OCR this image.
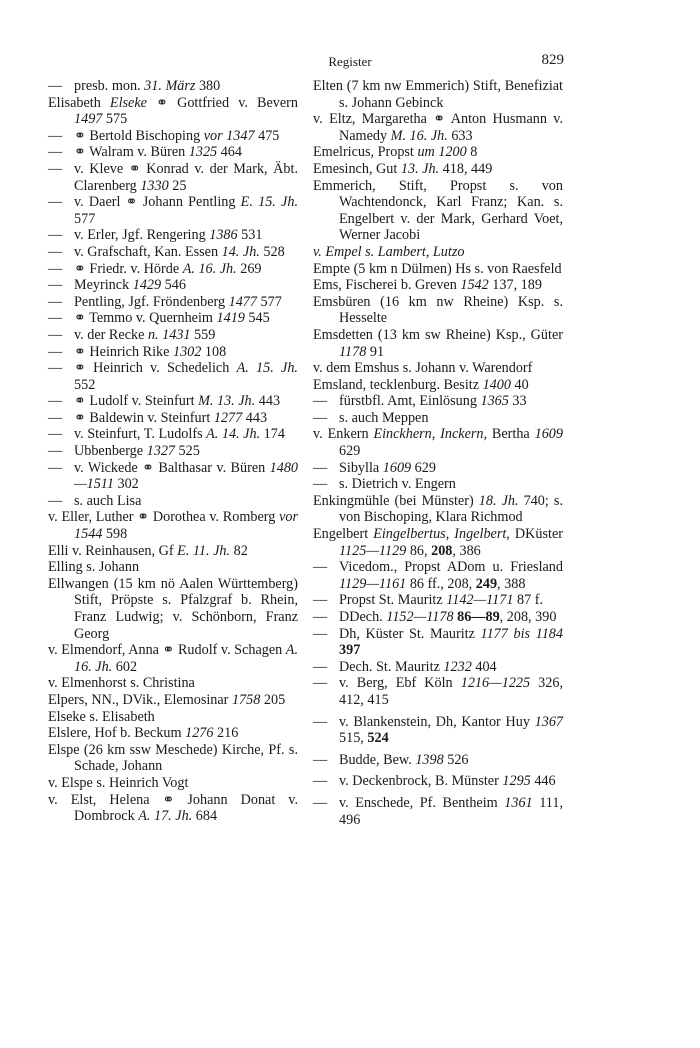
Register	829

— presb. mon. 31. März 380

Elisabeth Elseke ⚭ Gottfried v. Bevern 1497 575

— ⚭ Bertold Bischoping vor 1347 475

— ⚭ Walram v. Büren 1325 464

— v. Kleve ⚭ Konrad v. der Mark, Äbt. Clarenberg 1330 25

— v. Daerl ⚭ Johann Pentling E. 15. Jh. 577

— v. Erler, Jgf. Rengering 1386 531

— v. Grafschaft, Kan. Essen 14. Jh. 528

— ⚭ Friedr. v. Hörde A. 16. Jh. 269

— Meyrinck 1429 546

— Pentling, Jgf. Fröndenberg 1477 577

— ⚭ Temmo v. Quernheim 1419 545

— v. der Recke n. 1431 559

— ⚭ Heinrich Rike 1302 108

— ⚭ Heinrich v. Schedelich A. 15. Jh. 552

— ⚭ Ludolf v. Steinfurt M. 13. Jh. 443

— ⚭ Baldewin v. Steinfurt 1277 443

— v. Steinfurt, T. Ludolfs A. 14. Jh. 174

— Ubbenberge 1327 525

— v. Wickede ⚭ Balthasar v. Büren 1480—1511 302

— s. auch Lisa

v. Eller, Luther ⚭ Dorothea v. Romberg vor 1544 598

Elli v. Reinhausen, Gf E. 11. Jh. 82

Elling s. Johann

Ellwangen (15 km nö Aalen Württemberg) Stift, Pröpste s. Pfalzgraf b. Rhein, Franz Ludwig; v. Schönborn, Franz Georg

v. Elmendorf, Anna ⚭ Rudolf v. Schagen A. 16. Jh. 602

v. Elmenhorst s. Christina

Elpers, NN., DVik., Elemosinar 1758 205

Elseke s. Elisabeth

Elslere, Hof b. Beckum 1276 216

Elspe (26 km ssw Meschede) Kirche, Pf. s. Schade, Johann

v. Elspe s. Heinrich Vogt

v. Elst, Helena ⚭ Johann Donat v. Dombrock A. 17. Jh. 684

Elten (7 km nw Emmerich) Stift, Benefiziat s. Johann Gebinck

v. Eltz, Margaretha ⚭ Anton Husmann v. Namedy M. 16. Jh. 633

Emelricus, Propst um 1200 8

Emesinch, Gut 13. Jh. 418, 449

Emmerich, Stift, Propst s. von Wachtendonck, Karl Franz; Kan. s. Engelbert v. der Mark, Gerhard Voet, Werner Jacobi

v. Empel s. Lambert, Lutzo

Empte (5 km n Dülmen) Hs s. von Raesfeld

Ems, Fischerei b. Greven 1542 137, 189

Emsbüren (16 km nw Rheine) Ksp. s. Hesselte

Emsdetten (13 km sw Rheine) Ksp., Güter 1178 91

v. dem Emshus s. Johann v. Warendorf

Emsland, tecklenburg. Besitz 1400 40

— fürstbfl. Amt, Einlösung 1365 33

— s. auch Meppen

v. Enkern Einckhern, Inckern, Bertha 1609 629

— Sibylla 1609 629

— s. Dietrich v. Engern

Enkingmühle (bei Münster) 18. Jh. 740; s. von Bischoping, Klara Richmod

Engelbert Eingelbertus, Ingelbert, DKüster 1125—1129 86, 208, 386

— Vicedom., Propst ADom u. Friesland 1129—1161 86 ff., 208, 249, 388

— Propst St. Mauritz 1142—1171 87 f.

— DDech. 1152—1178 86—89, 208, 390

— Dh, Küster St. Mauritz 1177 bis 1184 397

— Dech. St. Mauritz 1232 404

— v. Berg, Ebf Köln 1216—1225 326, 412, 415

— v. Blankenstein, Dh, Kantor Huy 1367 515, 524

— Budde, Bew. 1398 526

— v. Deckenbrock, B. Münster 1295 446

— v. Enschede, Pf. Bentheim 1361 111, 496
